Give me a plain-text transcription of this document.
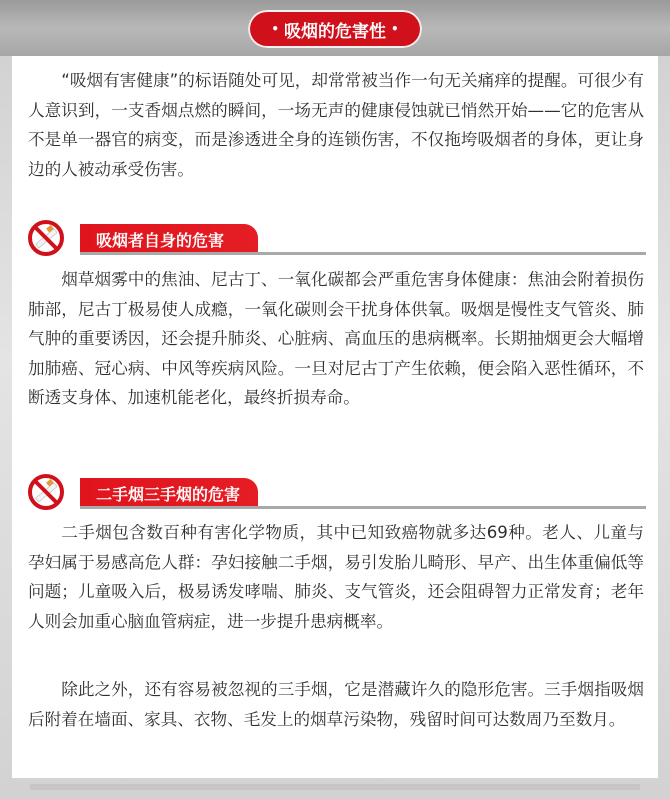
• 吸烟的危害性 •

“吸烟有害健康”的标语随处可见，却常常被当作一句无关痛痒的提醒。可很少有人意识到，一支香烟点燃的瞬间，一场无声的健康侵蚀就已悄然开始——它的危害从不是单一器官的病变，而是渗透进全身的连锁伤害，不仅拖垮吸烟者的身体，更让身边的人被动承受伤害。

吸烟者自身的危害

烟草烟雾中的焦油、尼古丁、一氧化碳都会严重危害身体健康：焦油会附着损伤肺部，尼古丁极易使人成瘾，一氧化碳则会干扰身体供氧。吸烟是慢性支气管炎、肺气肿的重要诱因，还会提升肺炎、心脏病、高血压的患病概率。长期抽烟更会大幅增加肺癌、冠心病、中风等疾病风险。一旦对尼古丁产生依赖，便会陷入恶性循环，不断透支身体、加速机能老化，最终折损寿命。

二手烟三手烟的危害

二手烟包含数百种有害化学物质，其中已知致癌物就多达69种。老人、儿童与孕妇属于易感高危人群：孕妇接触二手烟，易引发胎儿畸形、早产、出生体重偏低等问题；儿童吸入后，极易诱发哮喘、肺炎、支气管炎，还会阻碍智力正常发育；老年人则会加重心脑血管病症，进一步提升患病概率。

除此之外，还有容易被忽视的三手烟，它是潜藏许久的隐形危害。三手烟指吸烟后附着在墙面、家具、衣物、毛发上的烟草污染物，残留时间可达数周乃至数月。
